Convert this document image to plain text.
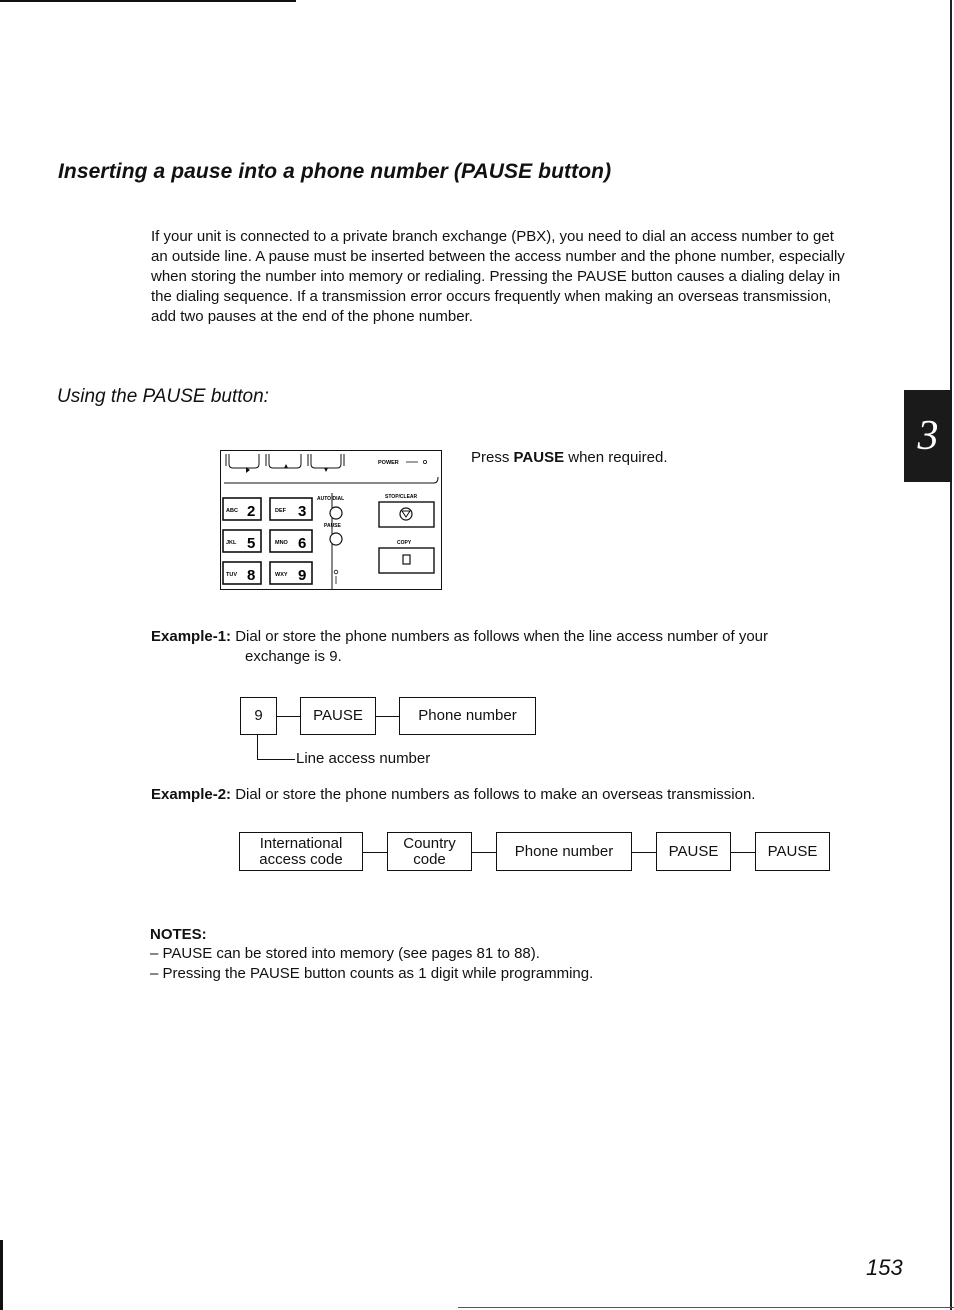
Inserting a pause into a phone number (PAUSE button)
If your unit is connected to a private branch exchange (PBX), you need to dial an access number to get an outside line. A pause must be inserted between the access number and the phone number, especially when storing the number into memory or redialing. Pressing the PAUSE button causes a dialing delay in the dialing sequence. If a transmission error occurs frequently when making an overseas transmission, add two pauses at the end of the phone number.
Using the PAUSE button:
POWER
ABC 2	DEF 3
JKL 5	MNO 6
TUV 8	WXY 9
AUTO DIAL
PAUSE
STOP/CLEAR
COPY
Press PAUSE when required.	3
Example-1: Dial or store the phone numbers as follows when the line access number of your
exchange is 9.
9	PAUSE	Phone number
Line access number
Example-2: Dial or store the phone numbers as follows to make an overseas transmission.
International
access code
Country
code	Phone number	PAUSE	PAUSE
NOTES:
– PAUSE can be stored into memory (see pages 81 to 88).
– Pressing the PAUSE button counts as 1 digit while programming.
153
